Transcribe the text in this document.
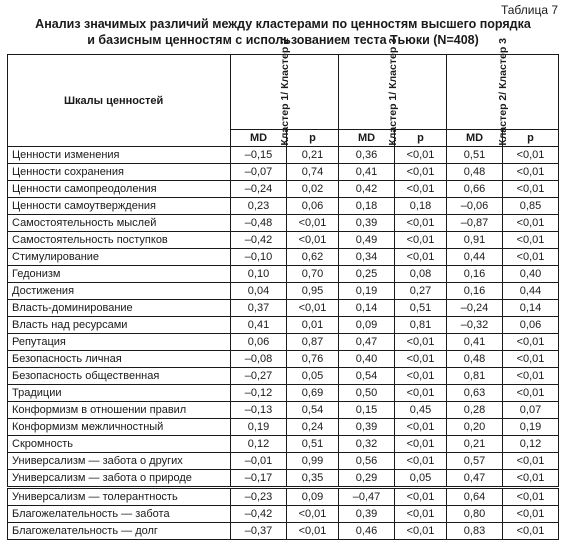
Таблица 7
Анализ значимых различий между кластерами по ценностям высшего порядка
и базисным ценностям с использованием теста Тьюки (N=408)
Шкалы ценностей	Кластер 1/ Кластер 2		Кластер 1/ Кластер 3		Кластер 2/ Кластер 3	

	MD	p	MD	p	MD	p
Ценности изменения	–0,15	0,21	0,36	<0,01	0,51	<0,01
Ценности сохранения	–0,07	0,74	0,41	<0,01	0,48	<0,01
Ценности самопреодоления	–0,24	0,02	0,42	<0,01	0,66	<0,01
Ценности самоутверждения	0,23	0,06	0,18	0,18	–0,06	0,85
Самостоятельность мыслей	–0,48	<0,01	0,39	<0,01	–0,87	<0,01
Самостоятельность поступков	–0,42	<0,01	0,49	<0,01	0,91	<0,01
Стимулирование	–0,10	0,62	0,34	<0,01	0,44	<0,01
Гедонизм	0,10	0,70	0,25	0,08	0,16	0,40
Достижения	0,04	0,95	0,19	0,27	0,16	0,44
Власть-доминирование	0,37	<0,01	0,14	0,51	–0,24	0,14
Власть над ресурсами	0,41	0,01	0,09	0,81	–0,32	0,06
Репутация	0,06	0,87	0,47	<0,01	0,41	<0,01
Безопасность личная	–0,08	0,76	0,40	<0,01	0,48	<0,01
Безопасность общественная	–0,27	0,05	0,54	<0,01	0,81	<0,01
Традиции	–0,12	0,69	0,50	<0,01	0,63	<0,01
Конформизм в отношении правил	–0,13	0,54	0,15	0,45	0,28	0,07
Конформизм межличностный	0,19	0,24	0,39	<0,01	0,20	0,19
Скромность	0,12	0,51	0,32	<0,01	0,21	0,12
Универсализм — забота о других	–0,01	0,99	0,56	<0,01	0,57	<0,01
Универсализм — забота о природе	–0,17	0,35	0,29	0,05	0,47	<0,01
Универсализм — толерантность	–0,23	0,09	–0,47	<0,01	0,64	<0,01
Благожелательность — забота	–0,42	<0,01	0,39	<0,01	0,80	<0,01
Благожелательность — долг	–0,37	<0,01	0,46	<0,01	0,83	<0,01
